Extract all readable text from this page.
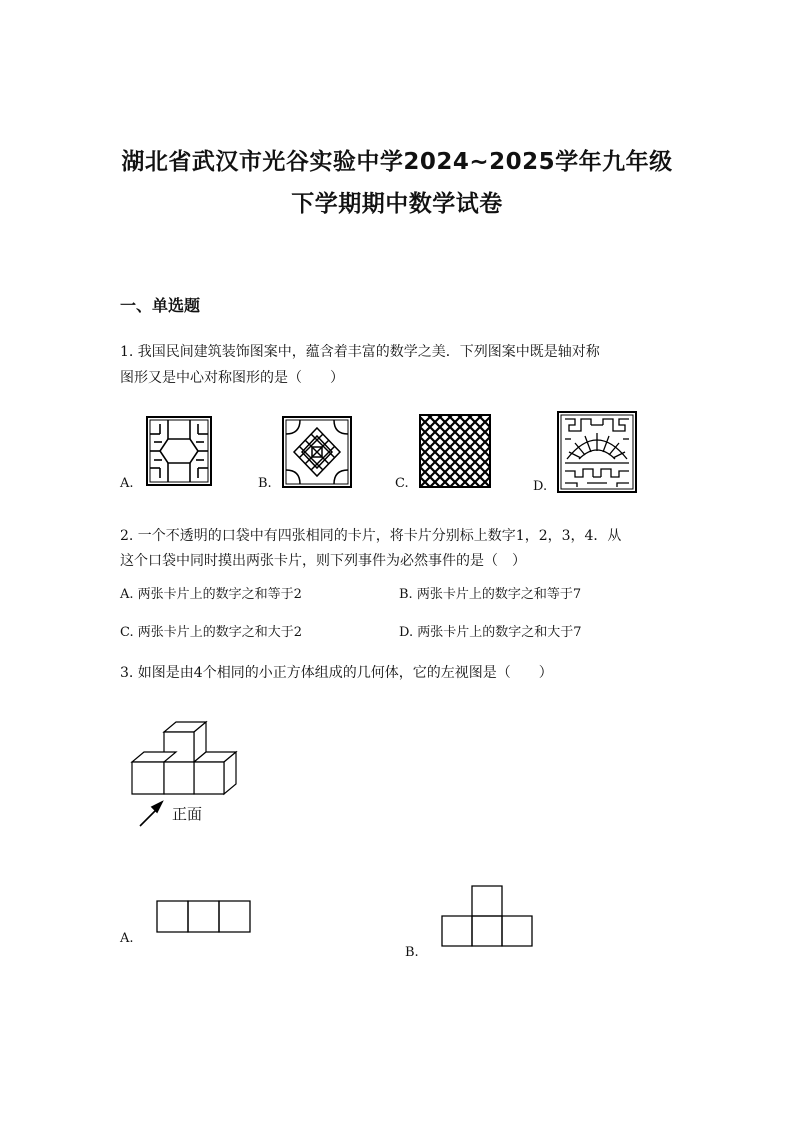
湖北省武汉市光谷实验中学2024~2025学年九年级
下学期期中数学试卷
一、单选题
1. 我国民间建筑装饰图案中，蕴含着丰富的数学之美．下列图案中既是轴对称
图形又是中心对称图形的是（　　）
A.	B.	C.	D.
2. 一个不透明的口袋中有四张相同的卡片，将卡片分别标上数字1，2，3，4．从
这个口袋中同时摸出两张卡片，则下列事件为必然事件的是（　）
A. 两张卡片上的数字之和等于2	B. 两张卡片上的数字之和等于7
C. 两张卡片上的数字之和大于2	D. 两张卡片上的数字之和大于7
3. 如图是由4个相同的小正方体组成的几何体，它的左视图是（　　）
正面
A.
B.
